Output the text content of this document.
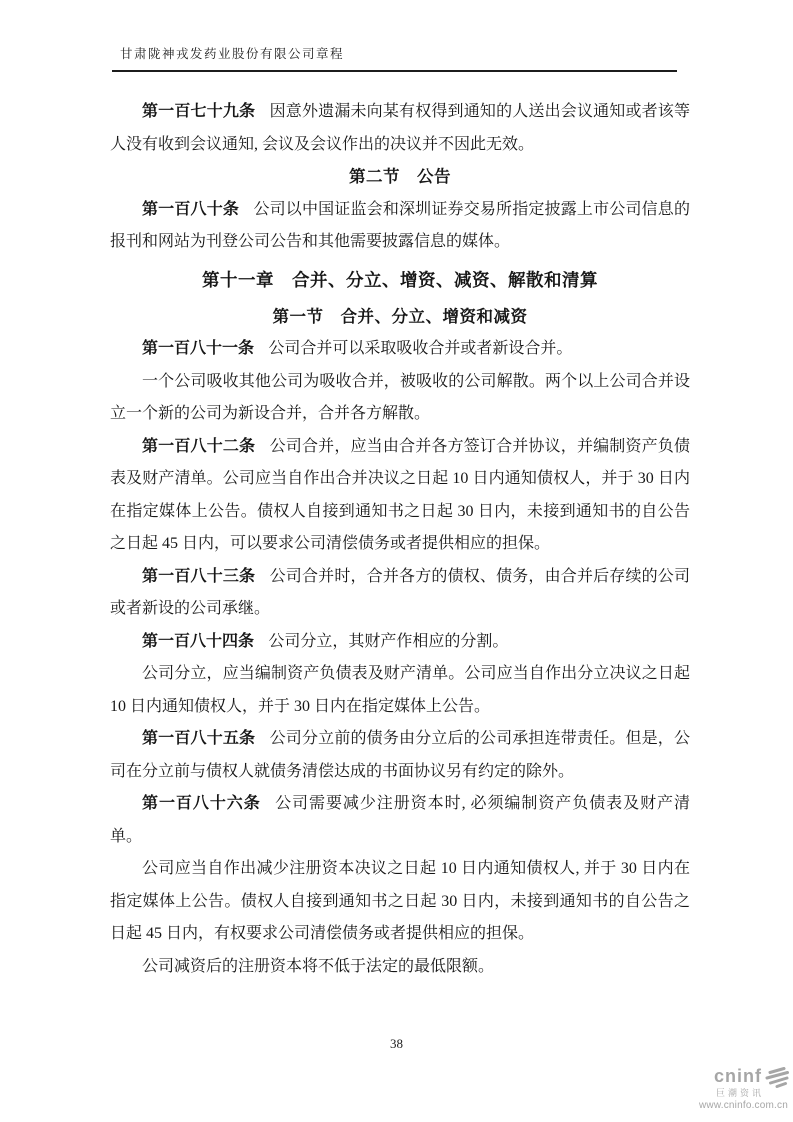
甘肃陇神戎发药业股份有限公司章程

第一百七十九条 因意外遗漏未向某有权得到通知的人送出会议通知或者该等人没有收到会议通知, 会议及会议作出的决议并不因此无效。

第二节　公告

第一百八十条 公司以中国证监会和深圳证券交易所指定披露上市公司信息的报刊和网站为刊登公司公告和其他需要披露信息的媒体。

第十一章　合并、分立、增资、减资、解散和清算
第一节　合并、分立、增资和减资

第一百八十一条 公司合并可以采取吸收合并或者新设合并。

一个公司吸收其他公司为吸收合并，被吸收的公司解散。两个以上公司合并设立一个新的公司为新设合并，合并各方解散。

第一百八十二条 公司合并，应当由合并各方签订合并协议，并编制资产负债表及财产清单。公司应当自作出合并决议之日起 10 日内通知债权人，并于 30 日内在指定媒体上公告。债权人自接到通知书之日起 30 日内，未接到通知书的自公告之日起 45 日内，可以要求公司清偿债务或者提供相应的担保。

第一百八十三条 公司合并时，合并各方的债权、债务，由合并后存续的公司或者新设的公司承继。

第一百八十四条 公司分立，其财产作相应的分割。

公司分立，应当编制资产负债表及财产清单。公司应当自作出分立决议之日起 10 日内通知债权人，并于 30 日内在指定媒体上公告。

第一百八十五条 公司分立前的债务由分立后的公司承担连带责任。但是，公司在分立前与债权人就债务清偿达成的书面协议另有约定的除外。

第一百八十六条 公司需要减少注册资本时, 必须编制资产负债表及财产清单。

公司应当自作出减少注册资本决议之日起 10 日内通知债权人, 并于 30 日内在指定媒体上公告。债权人自接到通知书之日起 30 日内，未接到通知书的自公告之日起 45 日内，有权要求公司清偿债务或者提供相应的担保。

公司减资后的注册资本将不低于法定的最低限额。

38
cninf
巨潮资讯
www.cninfo.com.cn
